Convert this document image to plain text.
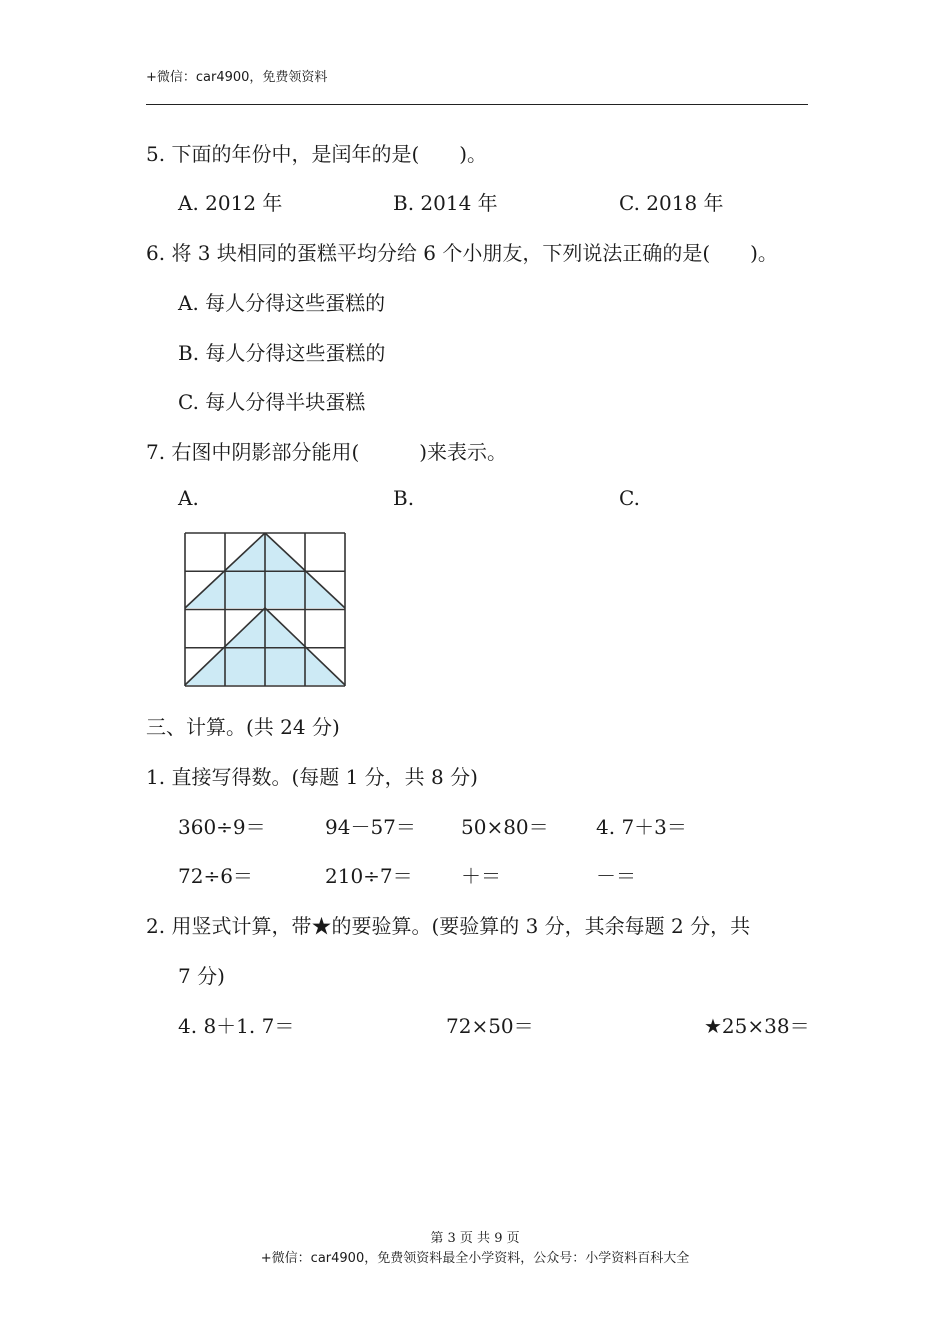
+微信：car4900，免费领资料
5. 下面的年份中，是闰年的是(　　)。
A. 2012 年	B. 2014 年	C. 2018 年
6. 将 3 块相同的蛋糕平均分给 6 个小朋友，下列说法正确的是(　　)。
A. 每人分得这些蛋糕的
B. 每人分得这些蛋糕的
C. 每人分得半块蛋糕
7. 右图中阴影部分能用(　　　)来表示。
A.	B.	C.
三、计算。(共 24 分)
1. 直接写得数。(每题 1 分，共 8 分)
360÷9＝	94－57＝ 50×80＝ 4. 7＋3＝
72÷6＝	210÷7＝ ＋＝	－＝
2. 用竖式计算，带★的要验算。(要验算的 3 分，其余每题 2 分，共
7 分)
4. 8＋1. 7＝	72×50＝	★25×38＝
第 3 页 共 9 页
+微信：car4900，免费领资料最全小学资料，公众号：小学资料百科大全
